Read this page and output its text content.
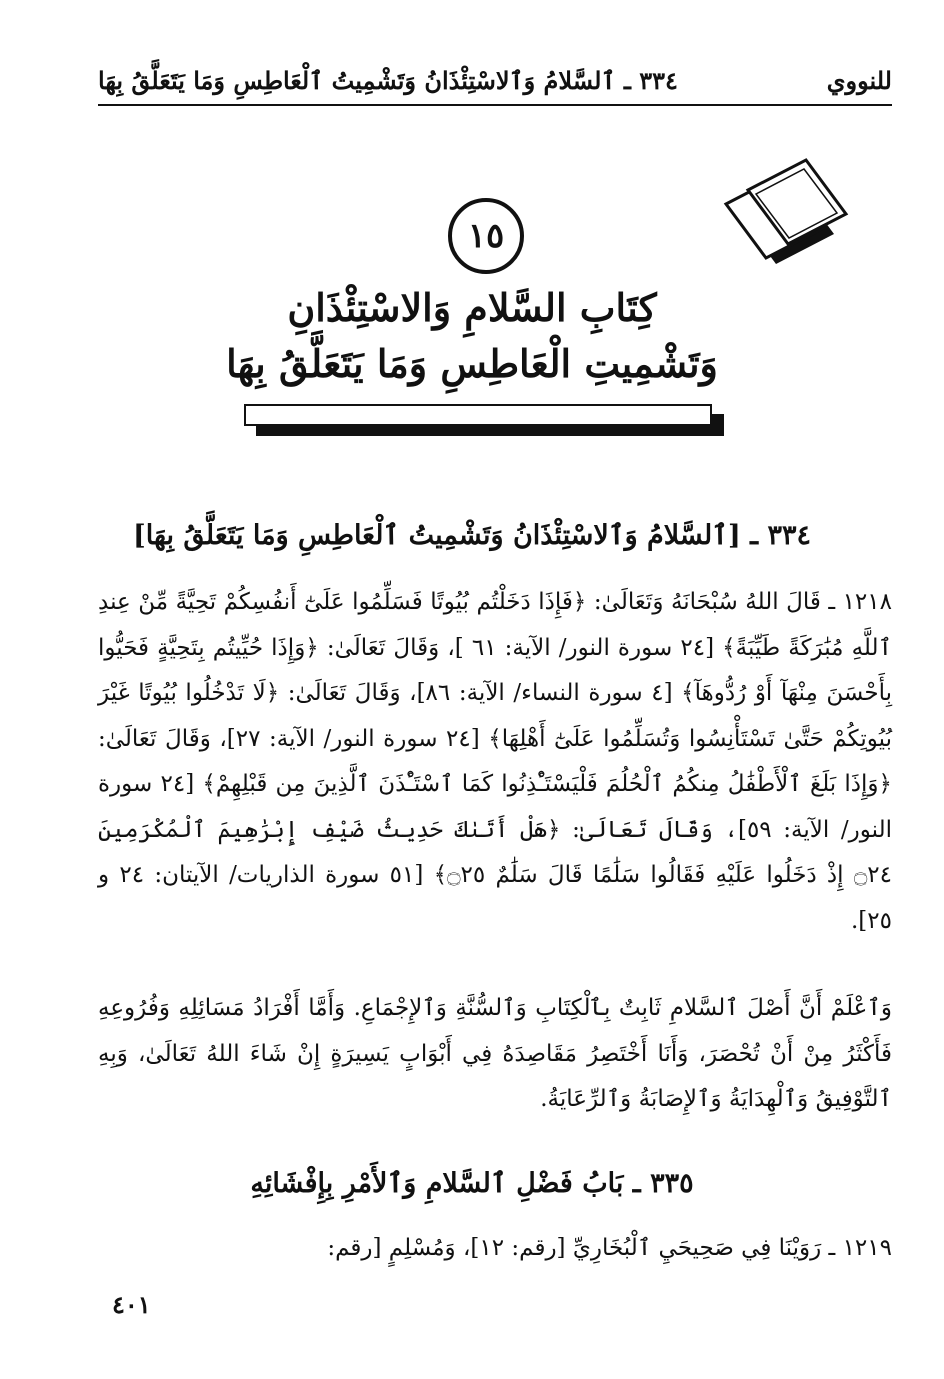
للنووي
٣٣٤ ـ ٱلسَّلامُ وَٱلاسْتِئْذَانُ وَتَشْمِيتُ ٱلْعَاطِسِ وَمَا يَتَعَلَّقُ بِهَا
١٥
كِتَابِ السَّلامِ وَالاسْتِئْذَانِ
وَتَشْمِيتِ الْعَاطِسِ وَمَا يَتَعَلَّقُ بِهَا
٣٣٤ ـ [ٱلسَّلامُ وَٱلاسْتِئْذَانُ وَتَشْمِيتُ ٱلْعَاطِسِ وَمَا يَتَعَلَّقُ بِهَا]

١٢١٨ ـ قَالَ اللهُ سُبْحَانَهُ وَتَعَالَىٰ: ﴿فَإِذَا دَخَلْتُم بُيُوتًا فَسَلِّمُوا عَلَىٰٓ أَنفُسِكُمْ تَحِيَّةً مِّنْ عِندِ ٱللَّهِ مُبَٰرَكَةً طَيِّبَةً﴾ [٢٤ سورة النور/ الآية: ٦١ ]، وَقَالَ تَعَالَىٰ: ﴿وَإِذَا حُيِّيتُم بِتَحِيَّةٍ فَحَيُّوا بِأَحْسَنَ مِنْهَآ أَوْ رُدُّوهَآ﴾ [٤ سورة النساء/ الآية: ٨٦]، وَقَالَ تَعَالَىٰ: ﴿لَا تَدْخُلُوا بُيُوتًا غَيْرَ بُيُوتِكُمْ حَتَّىٰ تَسْتَأْنِسُوا وَتُسَلِّمُوا عَلَىٰٓ أَهْلِهَا﴾ [٢٤ سورة النور/ الآية: ٢٧]، وَقَالَ تَعَالَىٰ: ﴿وَإِذَا بَلَغَ ٱلْأَطْفَٰلُ مِنكُمُ ٱلْحُلُمَ فَلْيَسْتَـْٔذِنُوا كَمَا ٱسْتَـْٔذَنَ ٱلَّذِينَ مِن قَبْلِهِمْ﴾ [٢٤ سورة النور/ الآية: ٥٩]، وَقَالَ تَعَالَىٰ: ﴿هَلْ أَتَىٰكَ حَدِيثُ ضَيْفِ إِبْرَٰهِيمَ ٱلْمُكْرَمِينَ ۝٢٤ إِذْ دَخَلُوا عَلَيْهِ فَقَالُوا سَلَٰمًا قَالَ سَلَٰمٌ ۝٢٥﴾ [٥١ سورة الذاريات/ الآيتان: ٢٤ و ٢٥].

وَٱعْلَمْ أَنَّ أَصْلَ ٱلسَّلامِ ثَابِتٌ بِٱلْكِتَابِ وَٱلسُّنَّةِ وَٱلإِجْمَاعِ. وَأَمَّا أَفْرَادُ مَسَائِلِهِ وَفُرُوعِهِ فَأَكْثَرُ مِنْ أَنْ تُحْصَرَ، وَأَنَا أَخْتَصِرُ مَقَاصِدَهُ فِي أَبْوَابٍ يَسِيرَةٍ إِنْ شَاءَ اللهُ تَعَالَىٰ، وَبِهِ ٱلتَّوْفِيقُ وَٱلْهِدَايَةُ وَٱلإِصَابَةُ وَٱلرِّعَايَةُ.

٣٣٥ ـ بَابُ فَضْلِ ٱلسَّلامِ وَٱلأَمْرِ بِإِفْشَائِهِ

١٢١٩ ـ رَوَيْنَا فِي صَحِيحَيِ ٱلْبُخَارِيِّ [رقم: ١٢]، وَمُسْلِمٍ [رقم:

٤٠١
